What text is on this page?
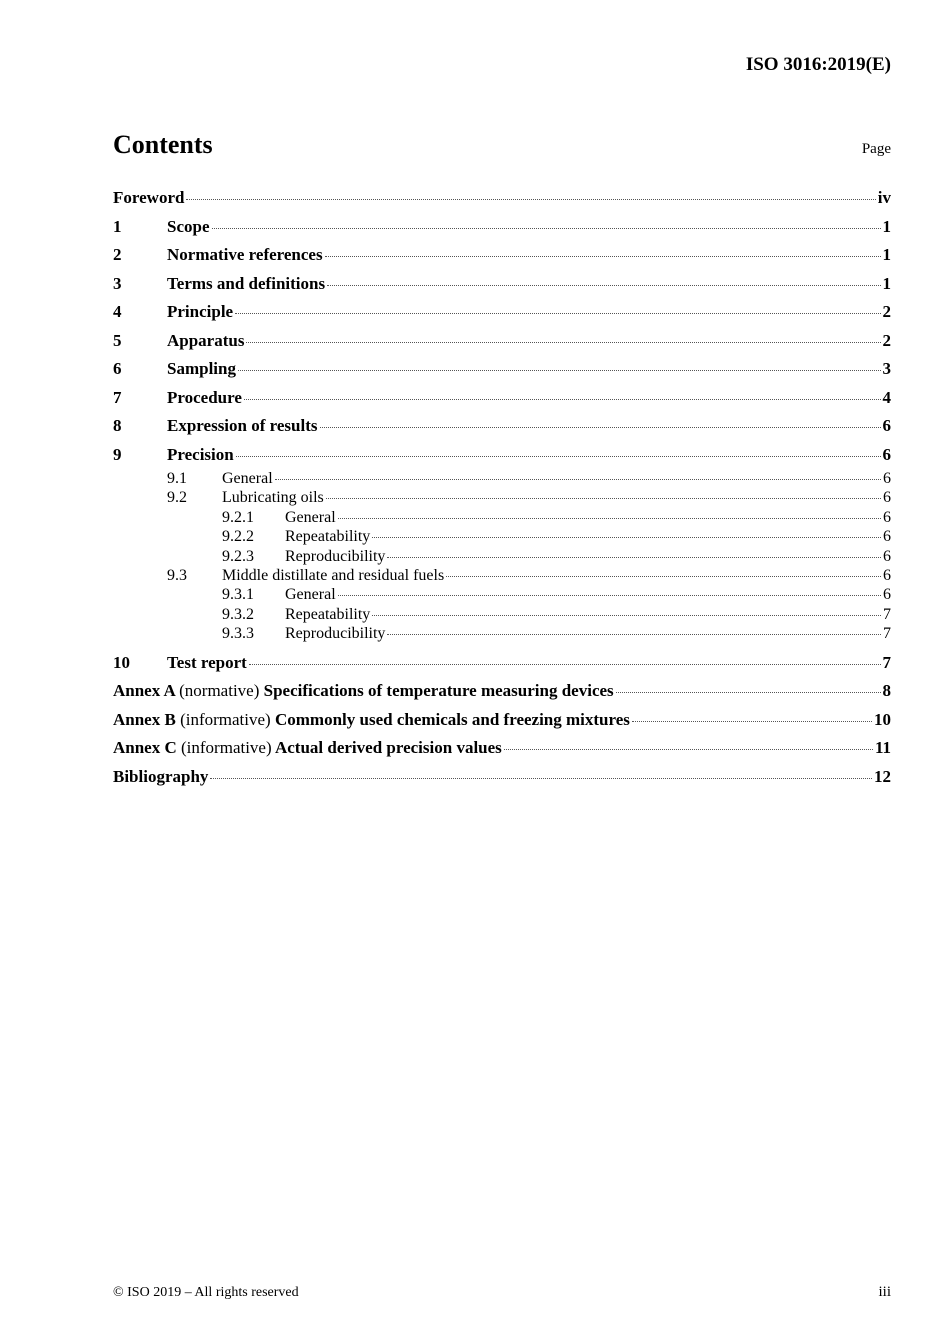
ISO 3016:2019(E)
Contents	Page
Foreword	iv
1	Scope	1
2	Normative references	1
3	Terms and definitions	1
4	Principle	2
5	Apparatus	2
6	Sampling	3
7	Procedure	4
8	Expression of results	6
9	Precision	6
9.1	General	6
9.2	Lubricating oils	6
9.2.1	General	6
9.2.2	Repeatability	6
9.2.3	Reproducibility	6
9.3	Middle distillate and residual fuels	6
9.3.1	General	6
9.3.2	Repeatability	7
9.3.3	Reproducibility	7
10	Test report	7
Annex A (normative) Specifications of temperature measuring devices	8
Annex B (informative) Commonly used chemicals and freezing mixtures	10
Annex C (informative) Actual derived precision values	11
Bibliography	12
© ISO 2019 – All rights reserved	iii
